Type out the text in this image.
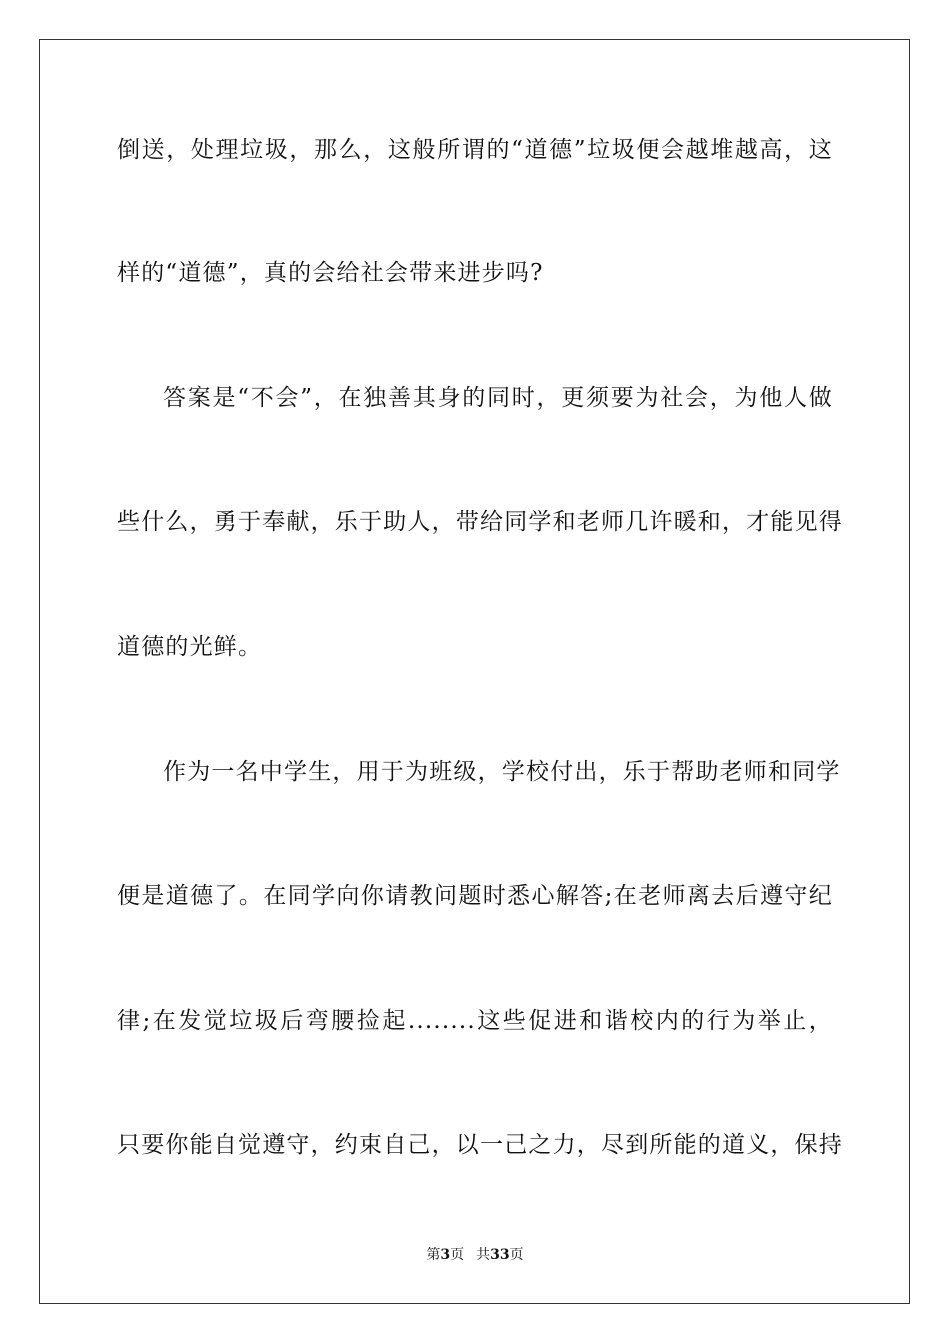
倒送，处理垃圾，那么，这般所谓的“道德”垃圾便会越堆越高，这
样的“道德”，真的会给社会带来进步吗?
答案是“不会”，在独善其身的同时，更须要为社会，为他人做
些什么，勇于奉献，乐于助人，带给同学和老师几许暖和，才能见得
道德的光鲜。
作为一名中学生，用于为班级，学校付出，乐于帮助老师和同学
便是道德了。在同学向你请教问题时悉心解答;在老师离去后遵守纪
律;在发觉垃圾后弯腰捡起........这些促进和谐校内的行为举止，
只要你能自觉遵守，约束自己，以一己之力，尽到所能的道义，保持
第3页 共33页
